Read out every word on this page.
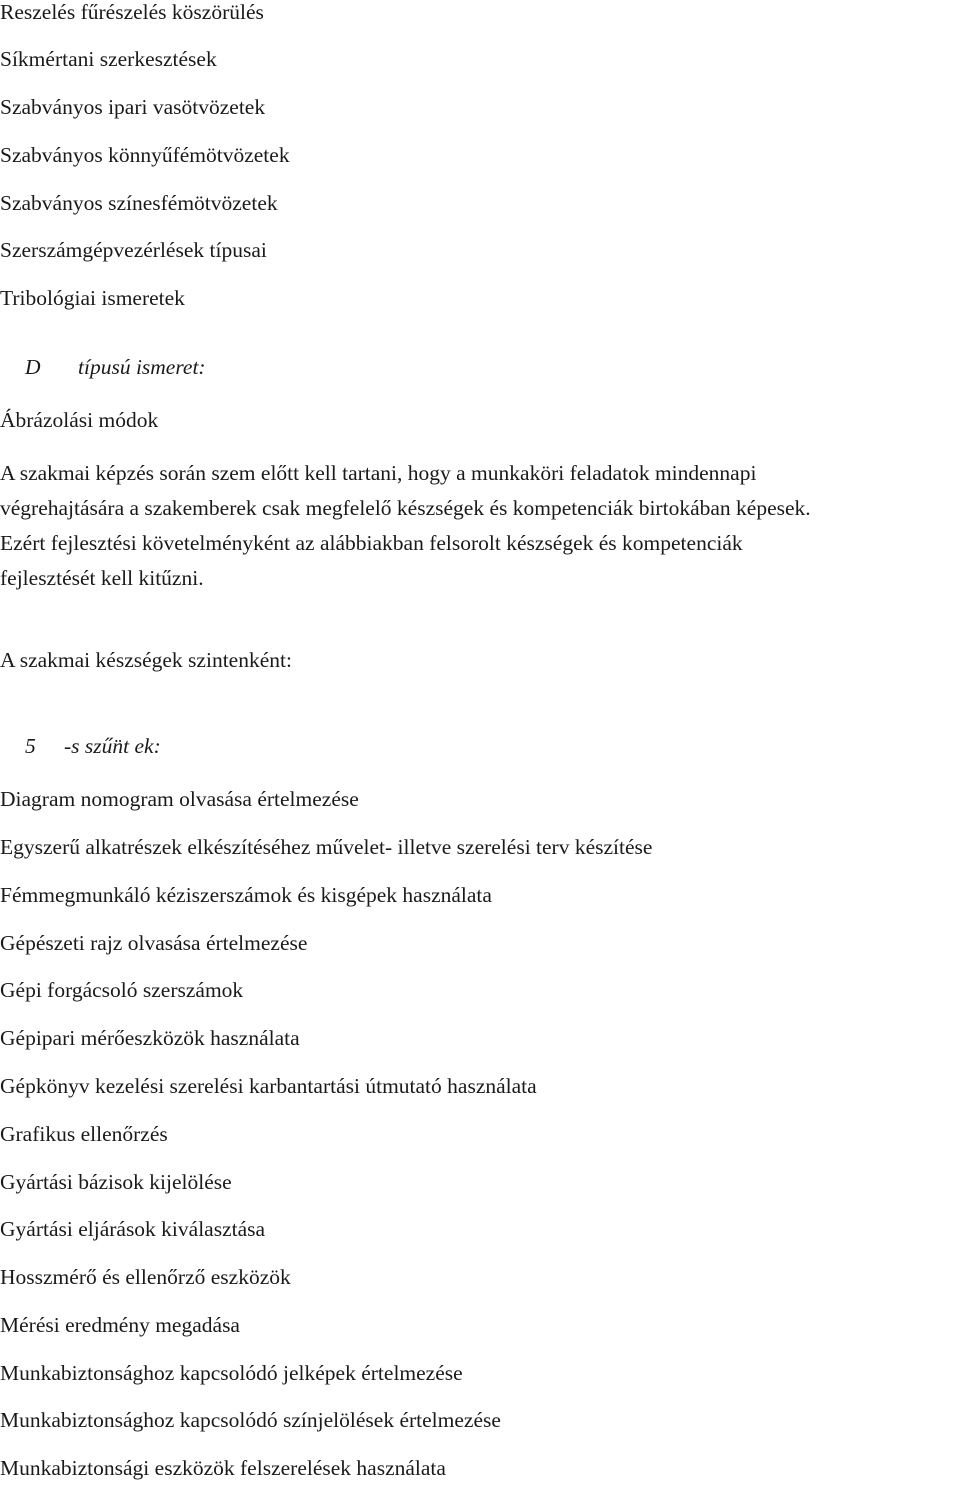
Reszelés fűrészelés köszörülés
Síkmértani szerkesztések
Szabványos ipari vasötvözetek
Szabványos könnyűfémötvözetek
Szabványos színesfémötvözetek
Szerszámgépvezérlések típusai
Tribológiai ismeretek
D típusú ismeret:
Ábrázolási módok
A szakmai képzés során szem előtt kell tartani, hogy a munkaköri feladatok mindennapi
végrehajtására a szakemberek csak megfelelő készségek és kompetenciák birtokában képesek.
Ezért fejlesztési követelményként az alábbiakban felsorolt készségek és kompetenciák
fejlesztését kell kitűzni.
A szakmai készségek szintenként:
5 -s szűn̈t ek:
Diagram nomogram olvasása értelmezése
Egyszerű alkatrészek elkészítéséhez művelet- illetve szerelési terv készítése
Fémmegmunkáló kéziszerszámok és kisgépek használata
Gépészeti rajz olvasása értelmezése
Gépi forgácsoló szerszámok
Gépipari mérőeszközök használata
Gépkönyv kezelési szerelési karbantartási útmutató használata
Grafikus ellenőrzés
Gyártási bázisok kijelölése
Gyártási eljárások kiválasztása
Hosszmérő és ellenőrző eszközök
Mérési eredmény megadása
Munkabiztonsághoz kapcsolódó jelképek értelmezése
Munkabiztonsághoz kapcsolódó színjelölések értelmezése
Munkabiztonsági eszközök felszerelések használata
